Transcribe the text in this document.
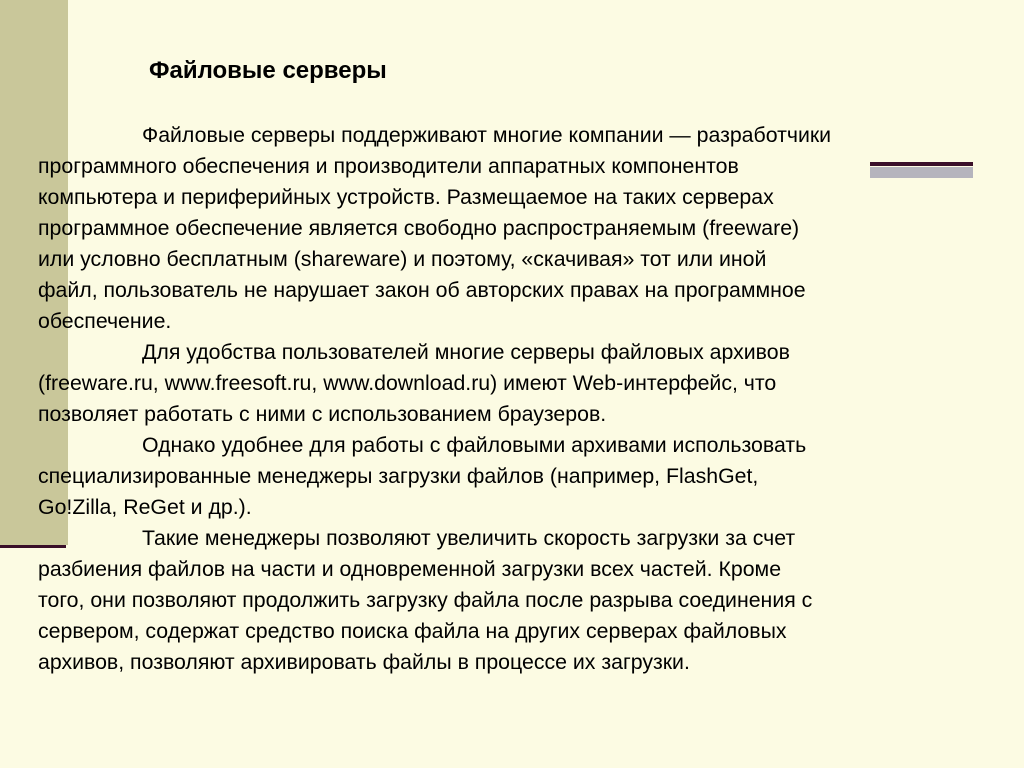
Файловые серверы

Файловые серверы поддерживают многие компании — разработчики
программного обеспечения и производители аппаратных компонентов
компьютера и периферийных устройств. Размещаемое на таких серверах
программное обеспечение является свободно распространяемым (freeware)
или условно бесплатным (shareware) и поэтому, «скачивая» тот или иной
файл, пользователь не нарушает закон об авторских правах на программное
обеспечение.

Для удобства пользователей многие серверы файловых архивов
(freeware.ru, www.freesoft.ru, www.download.ru) имеют Web-интерфейс, что
позволяет работать с ними с использованием браузеров.

Однако удобнее для работы с файловыми архивами использовать
специализированные менеджеры загрузки файлов (например, FlashGet,
Go!Zilla, ReGet и др.).

Такие менеджеры позволяют увеличить скорость загрузки за счет
разбиения файлов на части и одновременной загрузки всех частей. Кроме
того, они позволяют продолжить загрузку файла после разрыва соединения с
сервером, содержат средство поиска файла на других серверах файловых
архивов, позволяют архивировать файлы в процессе их загрузки.
